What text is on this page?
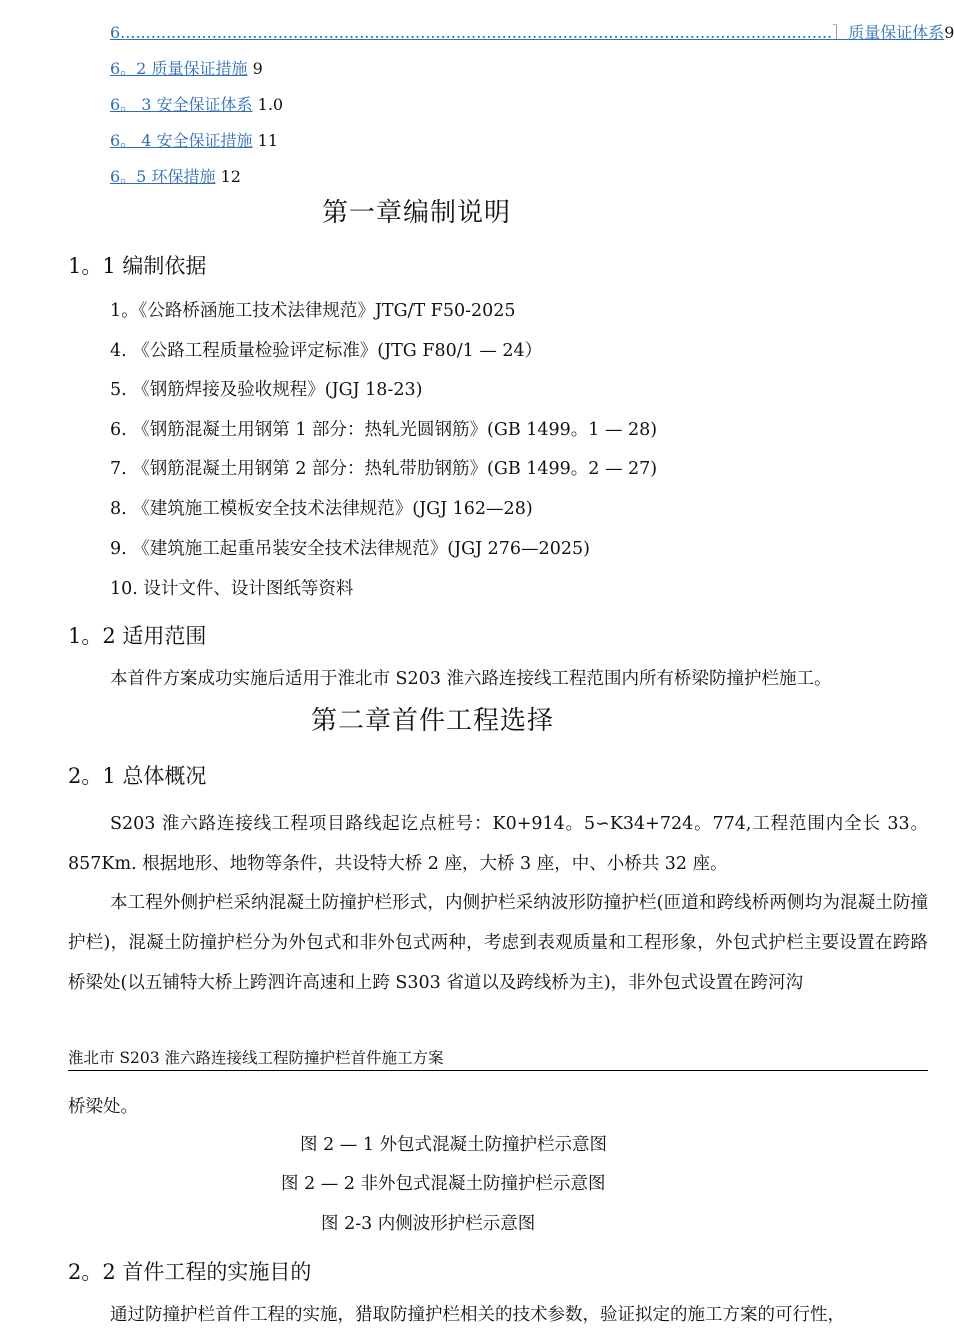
6............................................................................................................................................］质量保证体系9
6。2 质量保证措施 9
6。 3 安全保证体系 1.0
6。 4 安全保证措施 11
6。5 环保措施 12
第一章编制说明
1。1 编制依据
1。《公路桥涵施工技术法律规范》JTG/T F50-2025
4. 《公路工程质量检验评定标准》(JTG F80/1 — 24）
5. 《钢筋焊接及验收规程》(JGJ 18-23)
6. 《钢筋混凝土用钢第 1 部分：热轧光圆钢筋》(GB 1499。1 — 28)
7. 《钢筋混凝土用钢第 2 部分：热轧带肋钢筋》(GB 1499。2 — 27)
8. 《建筑施工模板安全技术法律规范》(JGJ 162—28)
9. 《建筑施工起重吊装安全技术法律规范》(JGJ 276—2025)
10. 设计文件、设计图纸等资料
1。2 适用范围
本首件方案成功实施后适用于淮北市 S203 淮六路连接线工程范围内所有桥梁防撞护栏施工。
第二章首件工程选择
2。1 总体概况
S203 淮六路连接线工程项目路线起讫点桩号：K0+914。5∽K34+724。774,工程范围内全长 33。857Km. 根据地形、地物等条件，共设特大桥 2 座，大桥 3 座，中、小桥共 32 座。
本工程外侧护栏采纳混凝土防撞护栏形式，内侧护栏采纳波形防撞护栏(匝道和跨线桥两侧均为混凝土防撞护栏)，混凝土防撞护栏分为外包式和非外包式两种，考虑到表观质量和工程形象，外包式护栏主要设置在跨路桥梁处(以五铺特大桥上跨泗许高速和上跨 S303 省道以及跨线桥为主)，非外包式设置在跨河沟
淮北市 S203 淮六路连接线工程防撞护栏首件施工方案
桥梁处。
图 2 — 1 外包式混凝土防撞护栏示意图
图 2 — 2 非外包式混凝土防撞护栏示意图
图 2-3 内侧波形护栏示意图
2。2 首件工程的实施目的
通过防撞护栏首件工程的实施，猎取防撞护栏相关的技术参数，验证拟定的施工方案的可行性，
